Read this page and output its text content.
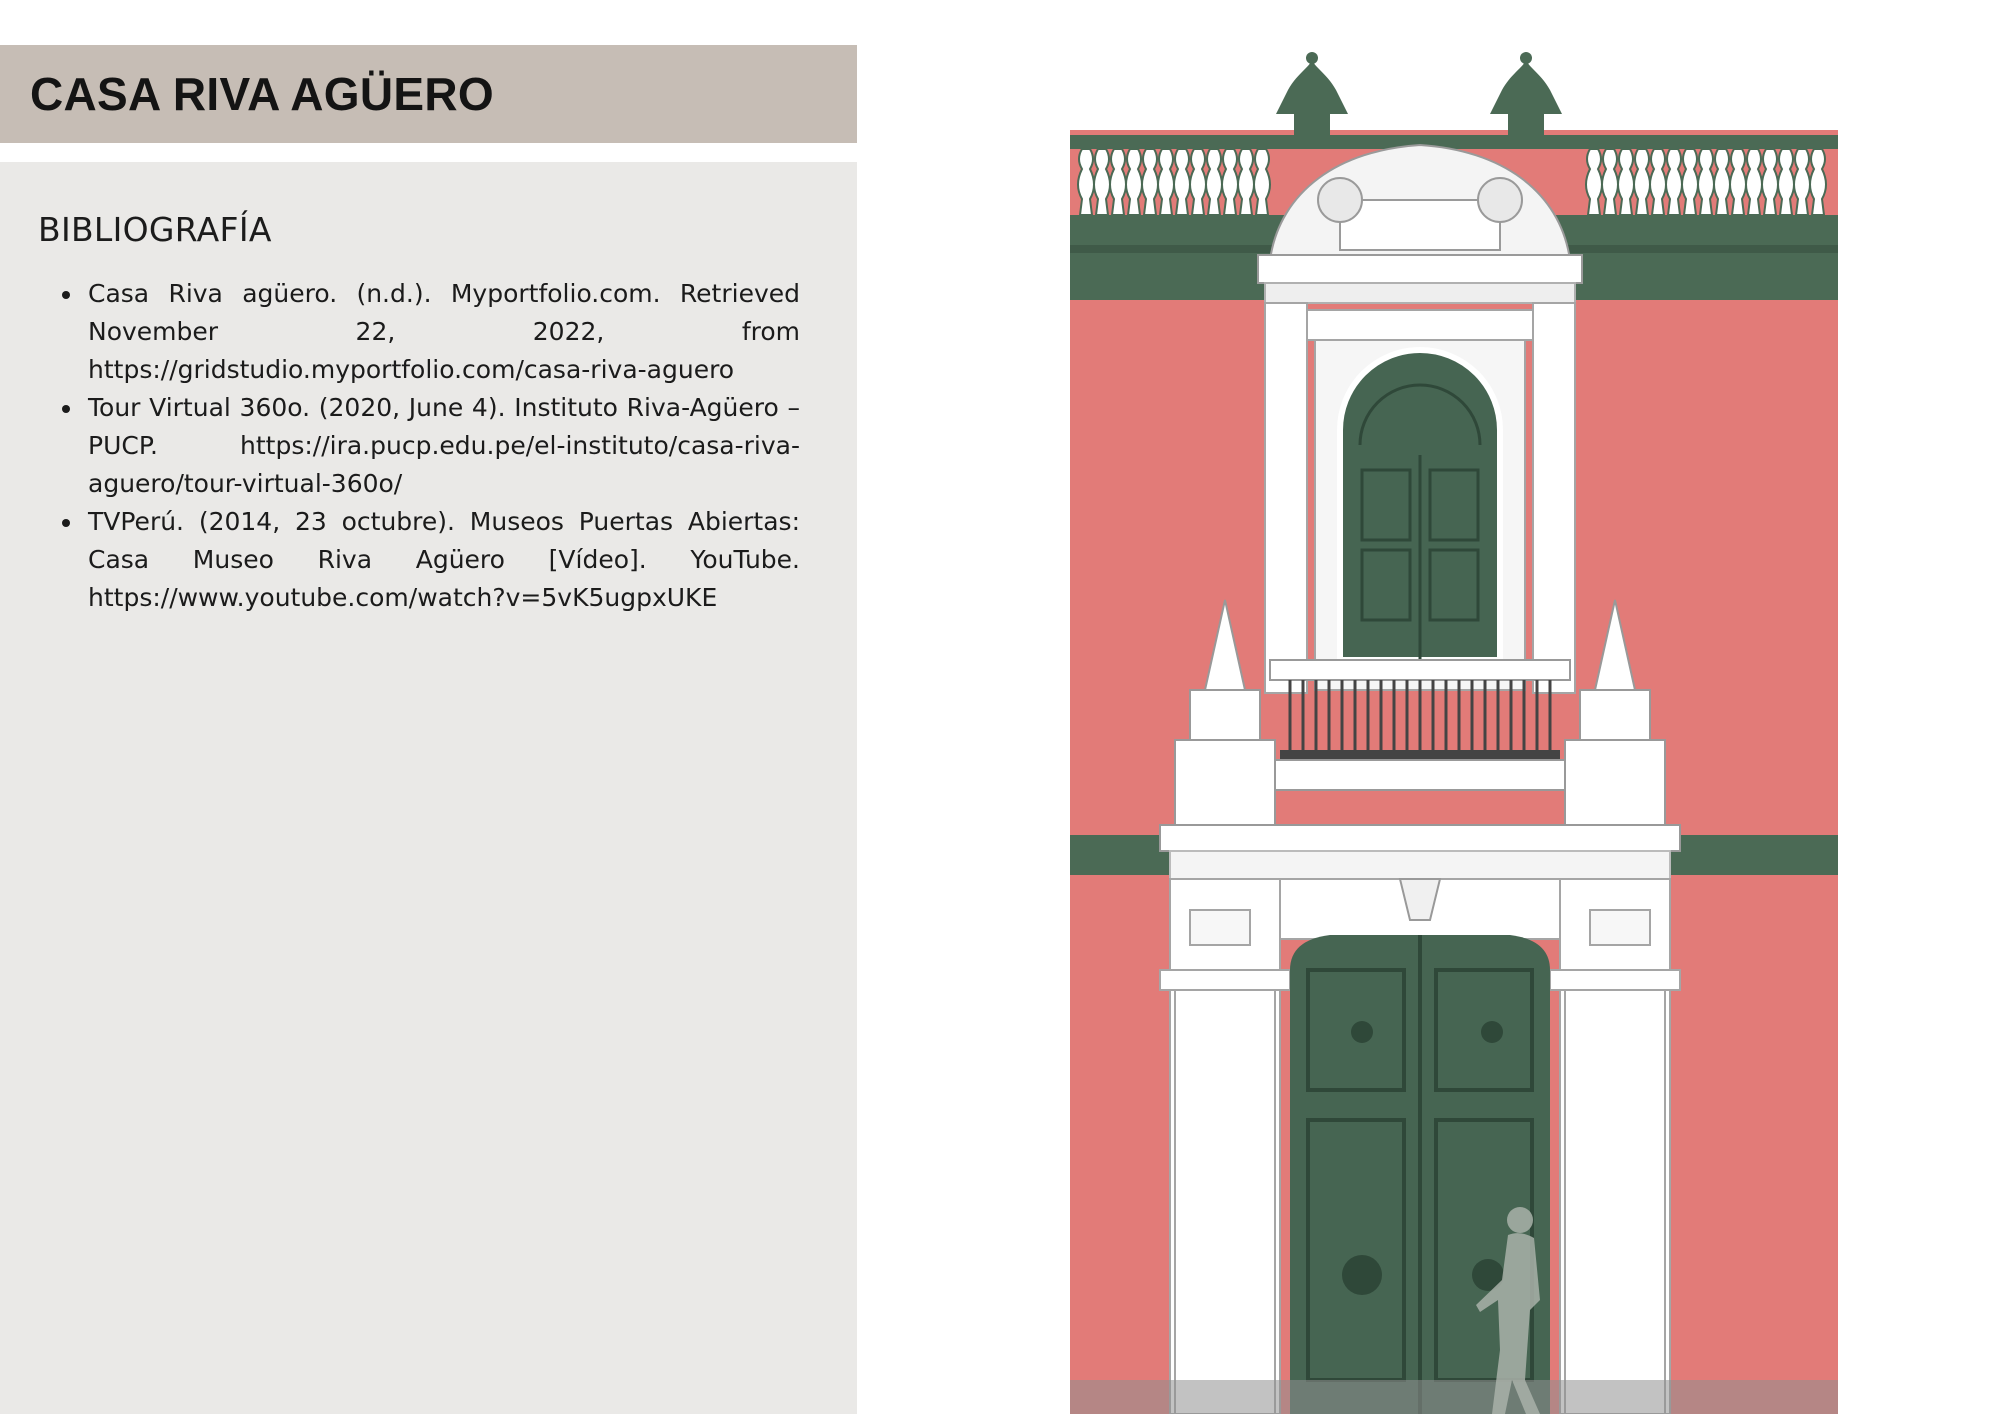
CASA RIVA AGÜERO
BIBLIOGRAFÍA
• Casa Riva agüero. (n.d.). Myportfolio.com. Retrieved November 22, 2022, from https://gridstudio.myportfolio.com/casa-riva-aguero
• Tour Virtual 360o. (2020, June 4). Instituto Riva-Agüero – PUCP. https://ira.pucp.edu.pe/el-instituto/casa-riva-aguero/tour-virtual-360o/
• TVPerú. (2014, 23 octubre). Museos Puertas Abiertas: Casa Museo Riva Agüero [Vídeo]. YouTube. https://www.youtube.com/watch?v=5vK5ugpxUKE
